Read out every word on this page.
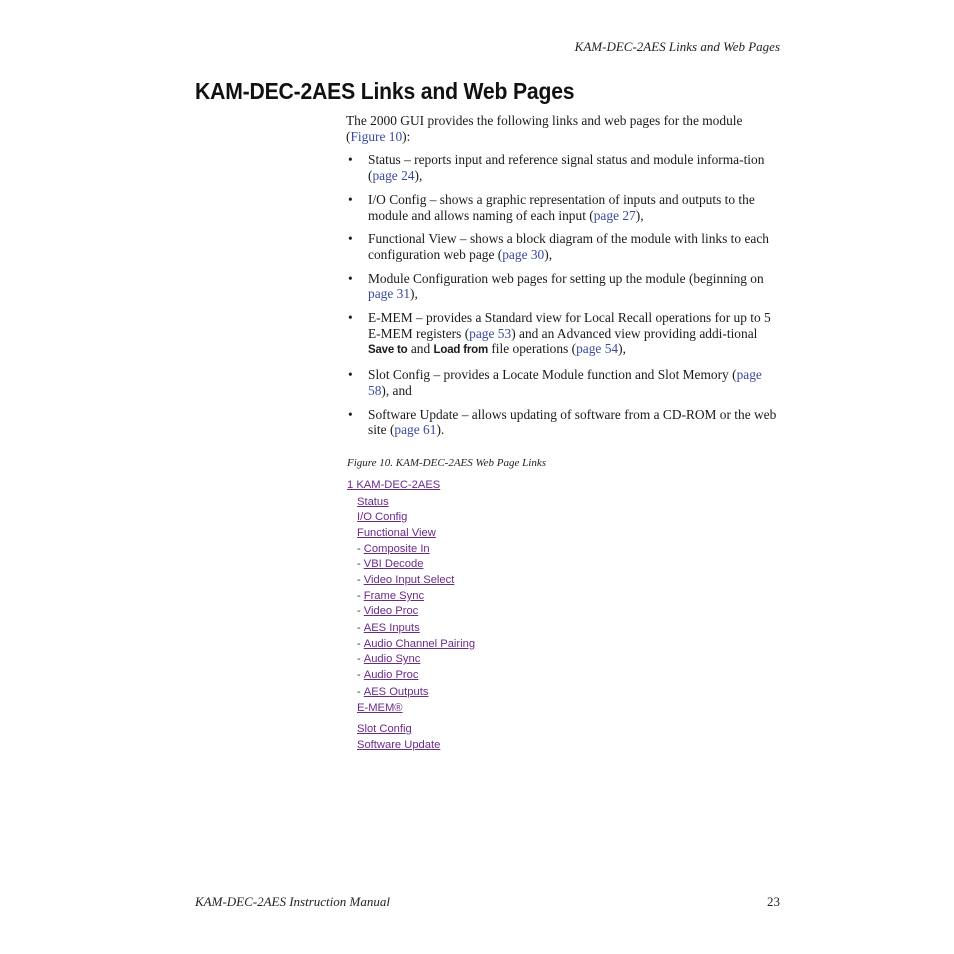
KAM-DEC-2AES Links and Web Pages
KAM-DEC-2AES Links and Web Pages

The 2000 GUI provides the following links and web pages for the module (Figure 10):

• Status – reports input and reference signal status and module informa-tion (page 24),
• I/O Config – shows a graphic representation of inputs and outputs to the module and allows naming of each input (page 27),
• Functional View – shows a block diagram of the module with links to each configuration web page (page 30),
• Module Configuration web pages for setting up the module (beginning on page 31),
• E-MEM – provides a Standard view for Local Recall operations for up to 5 E-MEM registers (page 53) and an Advanced view providing addi-tional Save to and Load from file operations (page 54),
• Slot Config – provides a Locate Module function and Slot Memory (page 58), and
• Software Update – allows updating of software from a CD-ROM or the web site (page 61).
Figure 10. KAM-DEC-2AES Web Page Links
1 KAM-DEC-2AES
Status
I/O Config
Functional View
- Composite In
- VBI Decode
- Video Input Select
- Frame Sync
- Video Proc
- AES Inputs
- Audio Channel Pairing
- Audio Sync
- Audio Proc
- AES Outputs
E-MEM®
Slot Config
Software Update
KAM-DEC-2AES Instruction Manual	23
